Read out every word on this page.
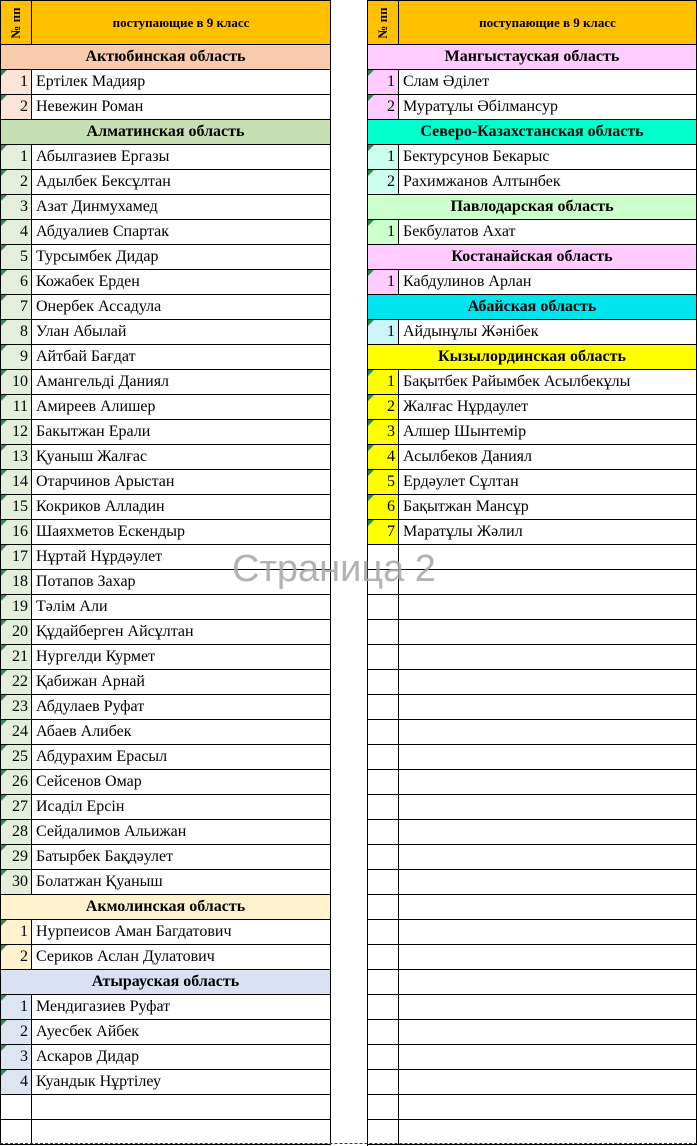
№ пп	поступающие в 9 класс
Актюбинская область
1 Ертілек Мадияр
2 Невежин Роман
Алматинская область
1 Абылгазиев Ергазы
2 Адылбек Бексұлтан
3 Азат Динмухамед
4 Абдуалиев Спартак
5 Турсымбек Дидар
6 Кожабек Ерден
7 Онербек Ассадула
8 Улан Абылай
9 Айтбай Бағдат
10 Амангельді Даниял
11 Амиреев Алишер
12 Бакытжан Ерали
13 Қуаныш Жалғас
14 Отарчинов Арыстан
15 Кокриков Алладин
16 Шаяхметов Ескендыр
17 Нұртай Нұрдәулет
18 Потапов Захар
19 Тәлім Али
20 Құдайберген Айсұлтан
21 Нургелди Курмет
22 Қабижан Арнай
23 Абдулаев Руфат
24 Абаев Алибек
25 Абдурахим Ерасыл
26 Сейсенов Омар
27 Исаділ Ерсін
28 Сейдалимов Альижан
29 Батырбек Бақдәулет
30 Болатжан Қуаныш
Акмолинская область
1 Нурпеисов Аман Багдатович
2 Сериков Аслан Дулатович
Атырауская область
1 Мендигазиев Руфат
2 Ауесбек Айбек
3 Аскаров Дидар
4 Куандык Нұртілеу
№ пп	поступающие в 9 класс
Мангыстауская область
1 Слам Әділет
2 Муратұлы Әбілмансур
Северо-Казахстанская область
1 Бектурсунов Бекарыс
2 Рахимжанов Алтынбек
Павлодарская область
1 Бекбулатов Ахат
Костанайская область
1 Кабдулинов Арлан
Абайская область
1 Айдынұлы Жәнібек
Кызылординская область
1 Бақытбек Райымбек Асылбекұлы
2 Жалғас Нұрдаулет
3 Алшер Шынтемір
4 Асылбеков Даниял
5 Ердәулет Сұлтан
6 Бақытжан Мансұр
7 Маратұлы Жәлил
Страница 2
